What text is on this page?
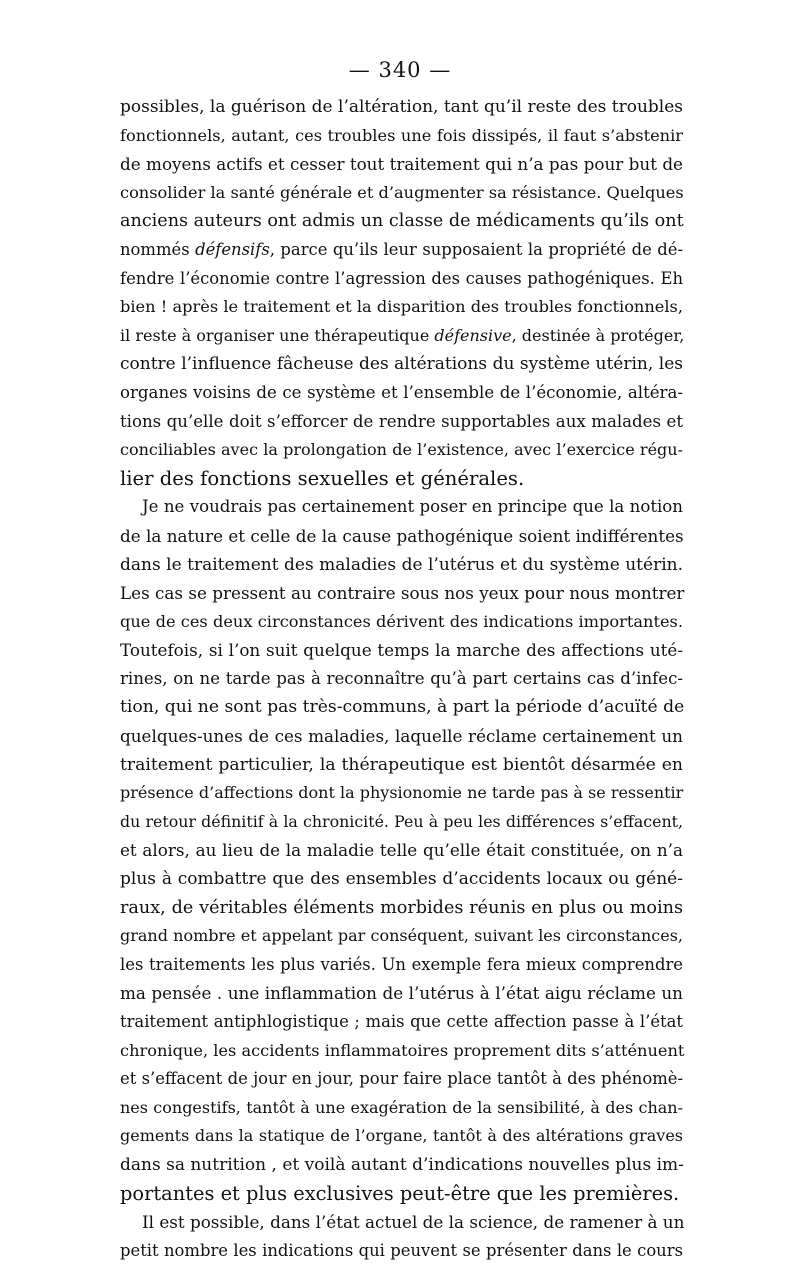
— 340 —
possibles, la guérison de l’altération, tant qu’il reste des troubles
fonctionnels, autant, ces troubles une fois dissipés, il faut s’abstenir
de moyens actifs et cesser tout traitement qui n’a pas pour but de
consolider la santé générale et d’augmenter sa résistance. Quelques
anciens auteurs ont admis un classe de médicaments qu’ils ont
nommés défensifs, parce qu’ils leur supposaient la propriété de dé-
fendre l’économie contre l’agression des causes pathogéniques. Eh
bien ! après le traitement et la disparition des troubles fonctionnels,
il reste à organiser une thérapeutique défensive, destinée à protéger,
contre l’influence fâcheuse des altérations du système utérin, les
organes voisins de ce système et l’ensemble de l’économie, altéra-
tions qu’elle doit s’efforcer de rendre supportables aux malades et
conciliables avec la prolongation de l’existence, avec l’exercice régu-
lier des fonctions sexuelles et générales.
Je ne voudrais pas certainement poser en principe que la notion
de la nature et celle de la cause pathogénique soient indifférentes
dans le traitement des maladies de l’utérus et du système utérin.
Les cas se pressent au contraire sous nos yeux pour nous montrer
que de ces deux circonstances dérivent des indications importantes.
Toutefois, si l’on suit quelque temps la marche des affections uté-
rines, on ne tarde pas à reconnaître qu’à part certains cas d’infec-
tion, qui ne sont pas très-communs, à part la période d’acuïté de
quelques-unes de ces maladies, laquelle réclame certainement un
traitement particulier, la thérapeutique est bientôt désarmée en
présence d’affections dont la physionomie ne tarde pas à se ressentir
du retour définitif à la chronicité. Peu à peu les différences s’effacent,
et alors, au lieu de la maladie telle qu’elle était constituée, on n’a
plus à combattre que des ensembles d’accidents locaux ou géné-
raux, de véritables éléments morbides réunis en plus ou moins
grand nombre et appelant par conséquent, suivant les circonstances,
les traitements les plus variés. Un exemple fera mieux comprendre
ma pensée . une inflammation de l’utérus à l’état aigu réclame un
traitement antiphlogistique ; mais que cette affection passe à l’état
chronique, les accidents inflammatoires proprement dits s’atténuent
et s’effacent de jour en jour, pour faire place tantôt à des phénomè-
nes congestifs, tantôt à une exagération de la sensibilité, à des chan-
gements dans la statique de l’organe, tantôt à des altérations graves
dans sa nutrition , et voilà autant d’indications nouvelles plus im-
portantes et plus exclusives peut-être que les premières.
Il est possible, dans l’état actuel de la science, de ramener à un
petit nombre les indications qui peuvent se présenter dans le cours
